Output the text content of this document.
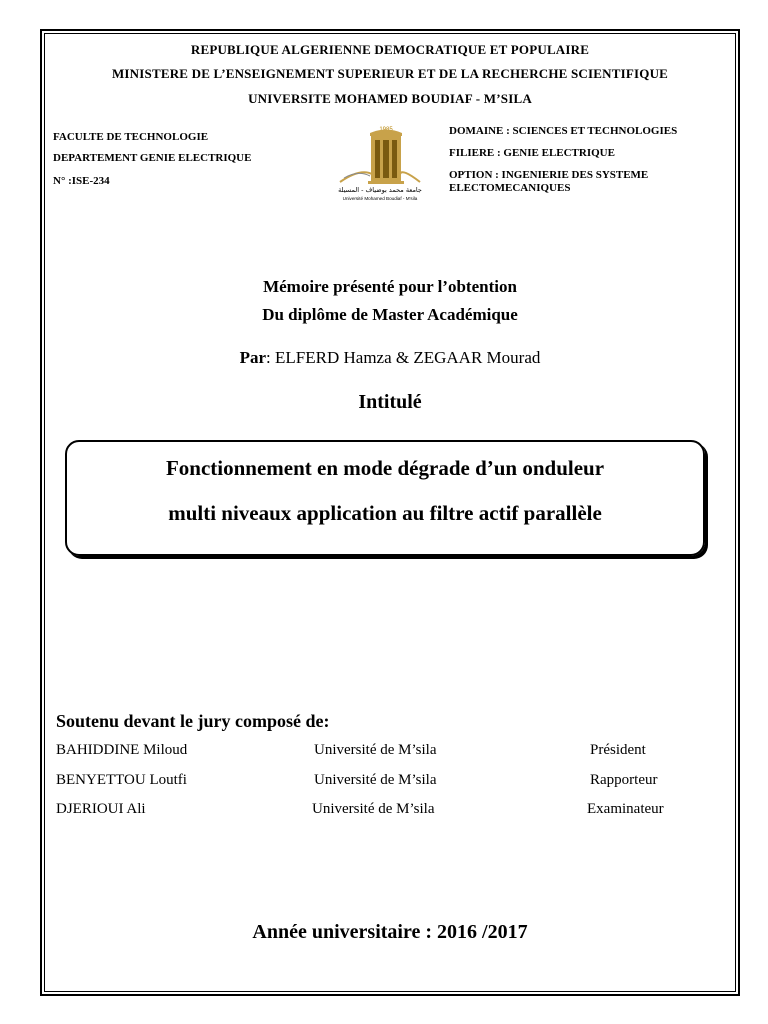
REPUBLIQUE ALGERIENNE DEMOCRATIQUE ET POPULAIRE
MINISTERE DE L’ENSEIGNEMENT SUPERIEUR ET DE LA RECHERCHE SCIENTIFIQUE
UNIVERSITE MOHAMED BOUDIAF - M’SILA
FACULTE DE TECHNOLOGIE
DEPARTEMENT GENIE ELECTRIQUE
N° :ISE-234
DOMAINE : SCIENCES ET TECHNOLOGIES
FILIERE : GENIE ELECTRIQUE
OPTION : INGENIERIE DES SYSTEME
ELECTOMECANIQUES
جامعة محمد بوضياف - المسيلة
Université Mohamed Boudiaf - M'sila
Mémoire présenté pour l’obtention
Du diplôme de Master Académique
Par: ELFERD Hamza & ZEGAAR Mourad
Intitulé
Fonctionnement en mode dégrade d’un onduleur
multi niveaux application au filtre actif parallèle
Soutenu devant le jury composé de:
BAHIDDINE Miloud	Université de M’sila	Président
BENYETTOU Loutfi	Université de M’sila	Rapporteur
DJERIOUI Ali	Université de M’sila	Examinateur
Année universitaire : 2016 /2017
